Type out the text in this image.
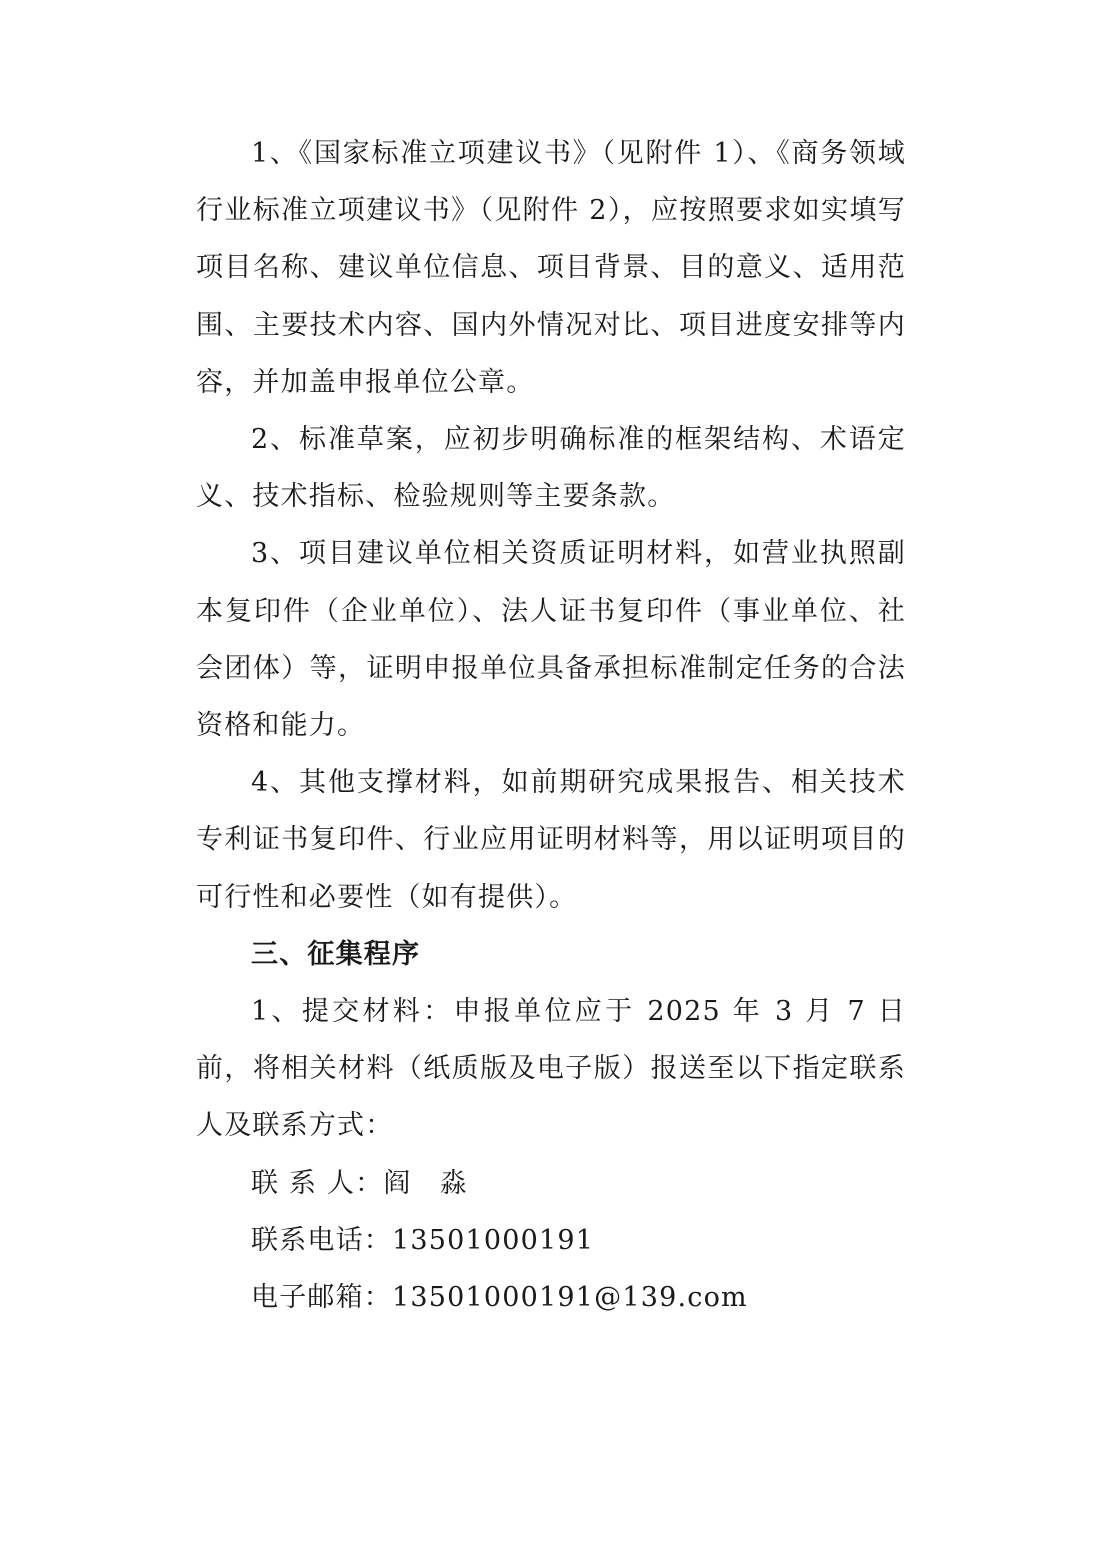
1、《国家标准立项建议书》（见附件 1）、《商务领域行业标准立项建议书》（见附件 2），应按照要求如实填写项目名称、建议单位信息、项目背景、目的意义、适用范围、主要技术内容、国内外情况对比、项目进度安排等内容，并加盖申报单位公章。

2、标准草案，应初步明确标准的框架结构、术语定义、技术指标、检验规则等主要条款。

3、项目建议单位相关资质证明材料，如营业执照副本复印件（企业单位）、法人证书复印件（事业单位、社会团体）等，证明申报单位具备承担标准制定任务的合法资格和能力。

4、其他支撑材料，如前期研究成果报告、相关技术专利证书复印件、行业应用证明材料等，用以证明项目的可行性和必要性（如有提供）。

三、征集程序

1、提交材料：申报单位应于 2025 年 3 月 7 日前，将相关材料（纸质版及电子版）报送至以下指定联系人及联系方式：

联 系 人：阎　淼

联系电话：13501000191

电子邮箱：13501000191@139.com
